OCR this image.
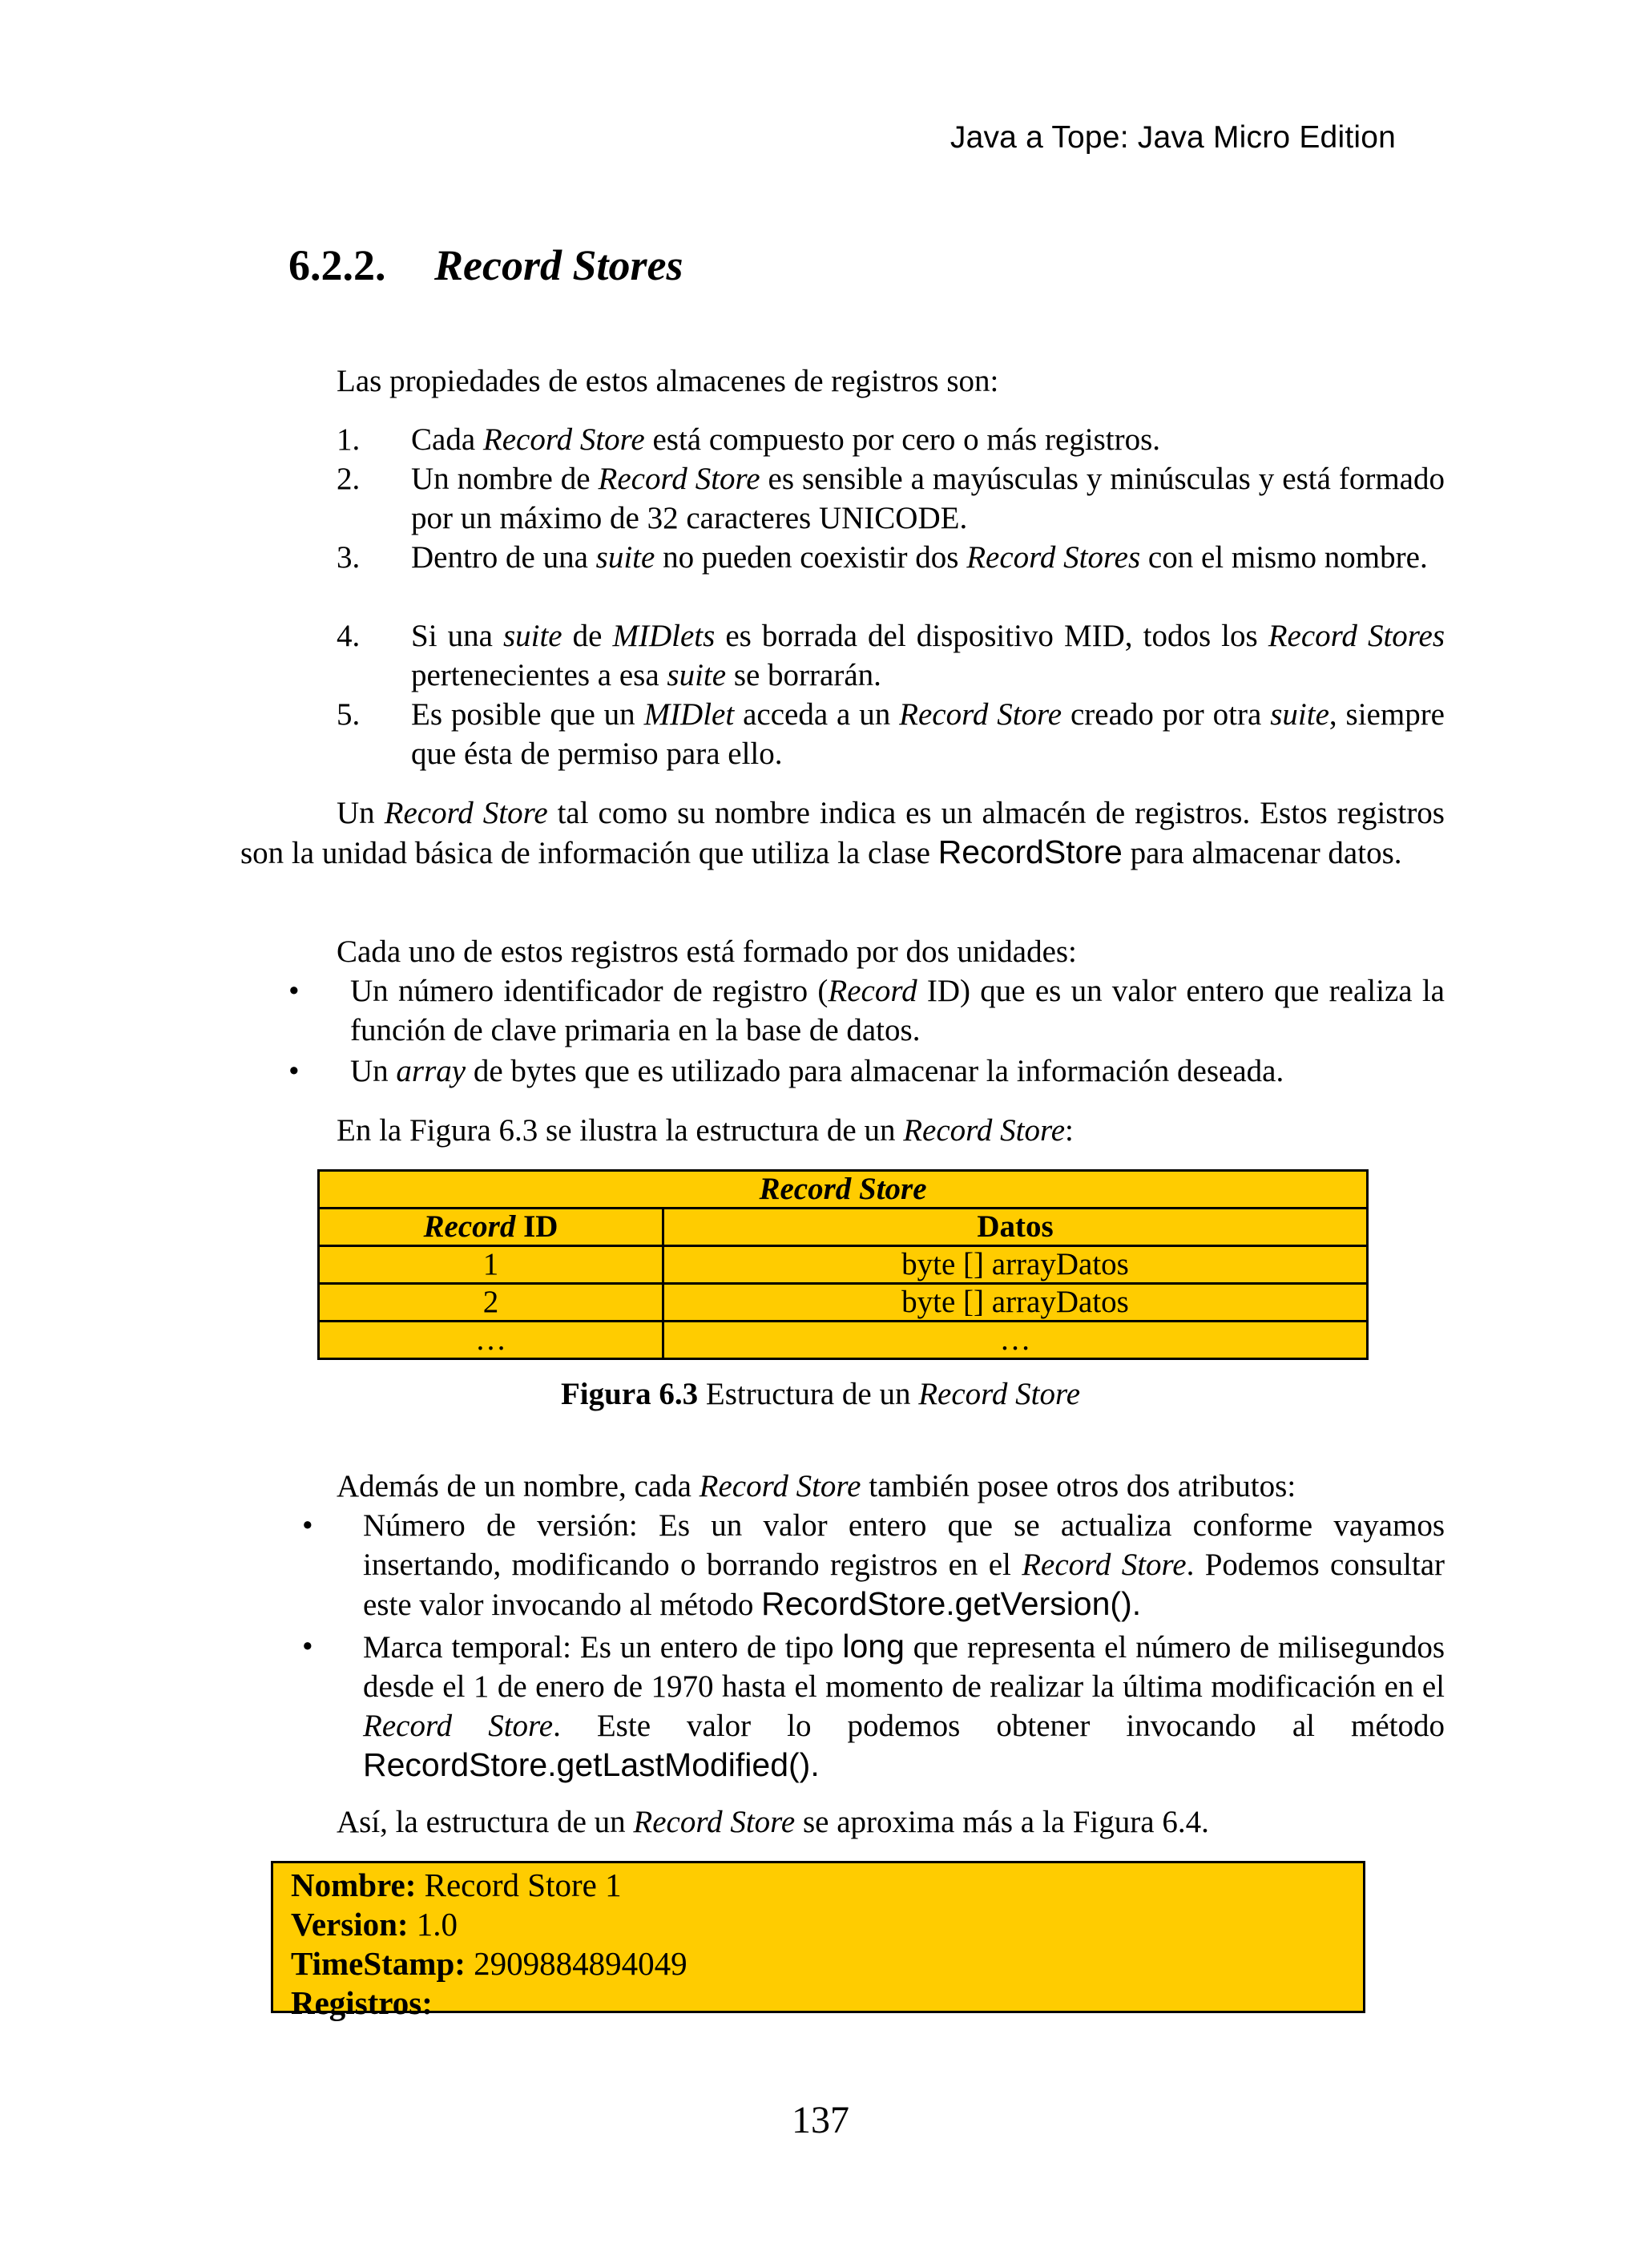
Java a Tope: Java Micro Edition
6.2.2. Record Stores
Las propiedades de estos almacenes de registros son:
1. Cada Record Store está compuesto por cero o más registros.
2. Un nombre de Record Store es sensible a mayúsculas y minúsculas y está formado por un máximo de 32 caracteres UNICODE.
3. Dentro de una suite no pueden coexistir dos Record Stores con el mismo nombre.
4. Si una suite de MIDlets es borrada del dispositivo MID, todos los Record Stores pertenecientes a esa suite se borrarán.
5. Es posible que un MIDlet acceda a un Record Store creado por otra suite, siempre que ésta de permiso para ello.
Un Record Store tal como su nombre indica es un almacén de registros. Estos registros son la unidad básica de información que utiliza la clase RecordStore para almacenar datos.
Cada uno de estos registros está formado por dos unidades:
• Un número identificador de registro (Record ID) que es un valor entero que realiza la función de clave primaria en la base de datos.
• Un array de bytes que es utilizado para almacenar la información deseada.
En la Figura 6.3 se ilustra la estructura de un Record Store:
Record Store	
Record ID	Datos
1	byte [] arrayDatos
2	byte [] arrayDatos
…	…
Figura 6.3 Estructura de un Record Store
Además de un nombre, cada Record Store también posee otros dos atributos:
• Número de versión: Es un valor entero que se actualiza conforme vayamos insertando, modificando o borrando registros en el Record Store. Podemos consultar este valor invocando al método RecordStore.getVersion().
• Marca temporal: Es un entero de tipo long que representa el número de milisegundos desde el 1 de enero de 1970 hasta el momento de realizar la última modificación en el Record Store. Este valor lo podemos obtener invocando al método RecordStore.getLastModified().
Así, la estructura de un Record Store se aproxima más a la Figura 6.4.
Nombre: Record Store 1
Version: 1.0
TimeStamp: 2909884894049
Registros:
137
